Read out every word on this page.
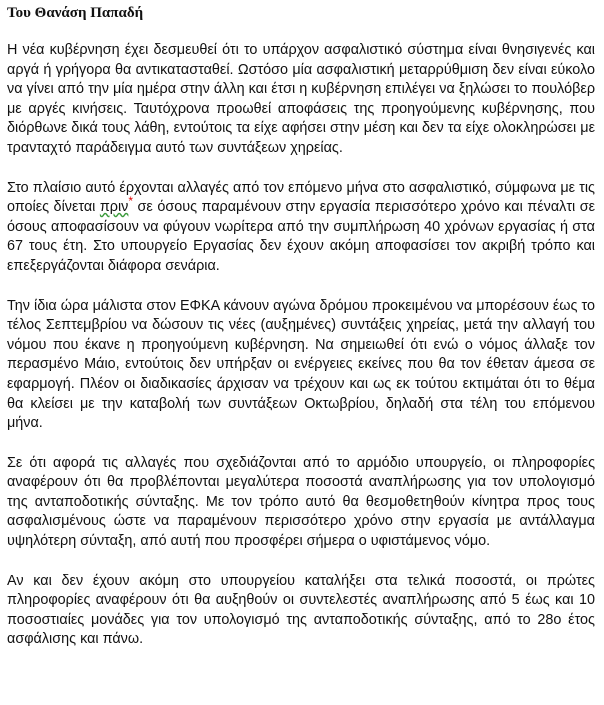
Του Θανάση Παπαδή

Η νέα κυβέρνηση έχει δεσμευθεί ότι το υπάρχον ασφαλιστικό σύστημα είναι θνησιγενές και αργά ή γρήγορα θα αντικατασταθεί. Ωστόσο μία ασφαλιστική μεταρρύθμιση δεν είναι εύκολο να γίνει από την μία ημέρα στην άλλη και έτσι η κυβέρνηση επιλέγει να ξηλώσει το πουλόβερ με αργές κινήσεις. Ταυτόχρονα προωθεί αποφάσεις της προηγούμενης κυβέρνησης, που διόρθωνε δικά τους λάθη, εντούτοις τα είχε αφήσει στην μέση και δεν τα είχε ολοκληρώσει με τρανταχτό παράδειγμα αυτό των συντάξεων χηρείας.

Στο πλαίσιο αυτό έρχονται αλλαγές από τον επόμενο μήνα στο ασφαλιστικό, σύμφωνα με τις οποίες δίνεται πριν* σε όσους παραμένουν στην εργασία περισσότερο χρόνο και πέναλτι σε όσους αποφασίσουν να φύγουν νωρίτερα από την συμπλήρωση 40 χρόνων εργασίας ή στα 67 τους έτη. Στο υπουργείο Εργασίας δεν έχουν ακόμη αποφασίσει τον ακριβή τρόπο και επεξεργάζονται διάφορα σενάρια.

Την ίδια ώρα μάλιστα στον ΕΦΚΑ κάνουν αγώνα δρόμου προκειμένου να μπορέσουν έως το τέλος Σεπτεμβρίου να δώσουν τις νέες (αυξημένες) συντάξεις χηρείας, μετά την αλλαγή του νόμου που έκανε η προηγούμενη κυβέρνηση. Να σημειωθεί ότι ενώ ο νόμος άλλαξε τον περασμένο Μάιο, εντούτοις δεν υπήρξαν οι ενέργειες εκείνες που θα τον έθεταν άμεσα σε εφαρμογή. Πλέον οι διαδικασίες άρχισαν να τρέχουν και ως εκ τούτου εκτιμάται ότι το θέμα θα κλείσει με την καταβολή των συντάξεων Οκτωβρίου, δηλαδή στα τέλη του επόμενου μήνα.

Σε ότι αφορά τις αλλαγές που σχεδιάζονται από το αρμόδιο υπουργείο, οι πληροφορίες αναφέρουν ότι θα προβλέπονται μεγαλύτερα ποσοστά αναπλήρωσης για τον υπολογισμό της ανταποδοτικής σύνταξης. Με τον τρόπο αυτό θα θεσμοθετηθούν κίνητρα προς τους ασφαλισμένους ώστε να παραμένουν περισσότερο χρόνο στην εργασία με αντάλλαγμα υψηλότερη σύνταξη, από αυτή που προσφέρει σήμερα ο υφιστάμενος νόμο.

Αν και δεν έχουν ακόμη στο υπουργείου καταλήξει στα τελικά ποσοστά, οι πρώτες πληροφορίες αναφέρουν ότι θα αυξηθούν οι συντελεστές αναπλήρωσης από 5 έως και 10 ποσοστιαίες μονάδες για τον υπολογισμό της ανταποδοτικής σύνταξης, από το 28ο έτος ασφάλισης και πάνω.
